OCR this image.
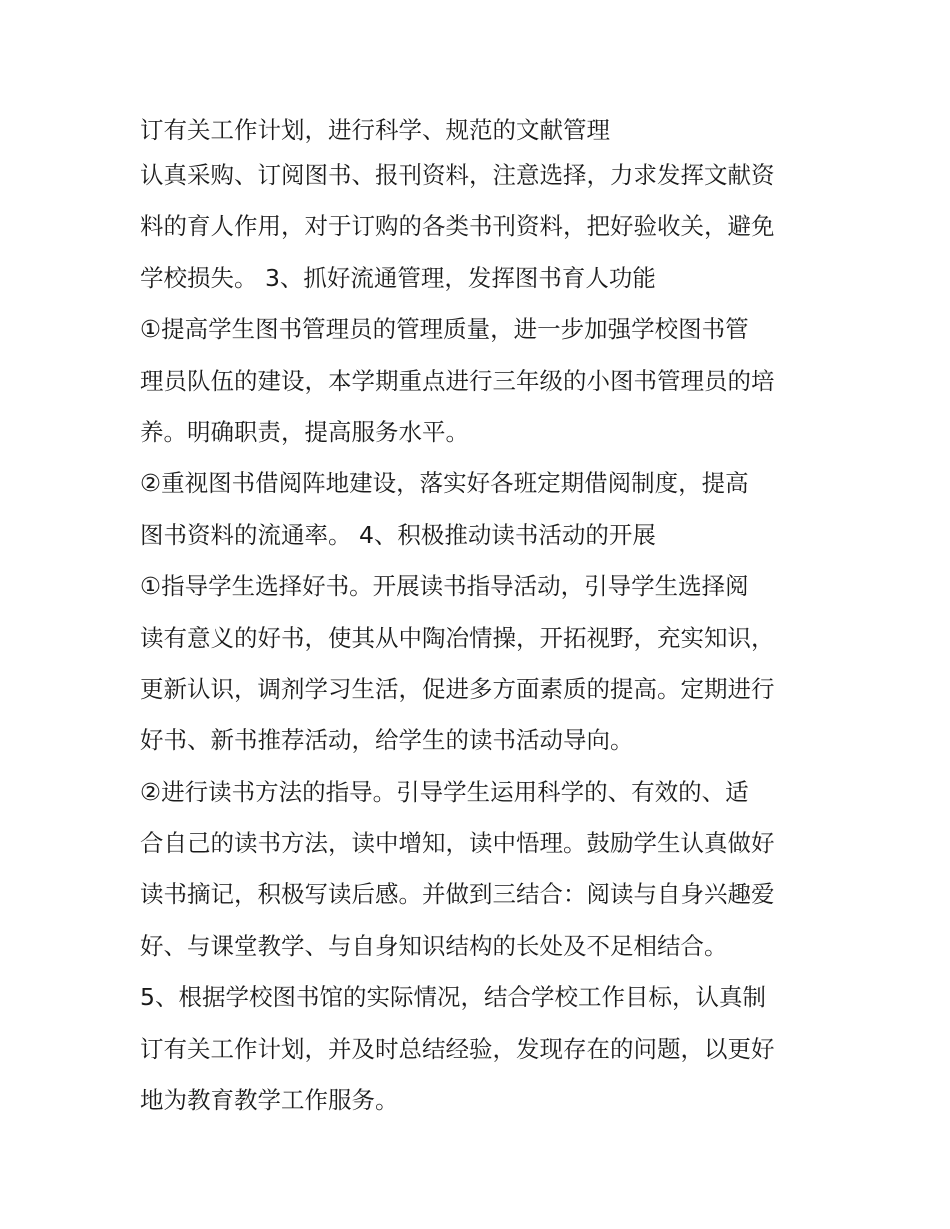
订有关工作计划，进行科学、规范的文献管理
认真采购、订阅图书、报刊资料，注意选择，力求发挥文献资
料的育人作用，对于订购的各类书刊资料，把好验收关，避免
学校损失。 3、抓好流通管理，发挥图书育人功能
①提高学生图书管理员的管理质量，进一步加强学校图书管
理员队伍的建设，本学期重点进行三年级的小图书管理员的培
养。明确职责，提高服务水平。
②重视图书借阅阵地建设，落实好各班定期借阅制度，提高
图书资料的流通率。 4、积极推动读书活动的开展
①指导学生选择好书。开展读书指导活动，引导学生选择阅
读有意义的好书，使其从中陶冶情操，开拓视野，充实知识，
更新认识，调剂学习生活，促进多方面素质的提高。定期进行
好书、新书推荐活动，给学生的读书活动导向。
②进行读书方法的指导。引导学生运用科学的、有效的、适
合自己的读书方法，读中增知，读中悟理。鼓励学生认真做好
读书摘记，积极写读后感。并做到三结合：阅读与自身兴趣爱
好、与课堂教学、与自身知识结构的长处及不足相结合。
5、根据学校图书馆的实际情况，结合学校工作目标，认真制
订有关工作计划，并及时总结经验，发现存在的问题，以更好
地为教育教学工作服务。
